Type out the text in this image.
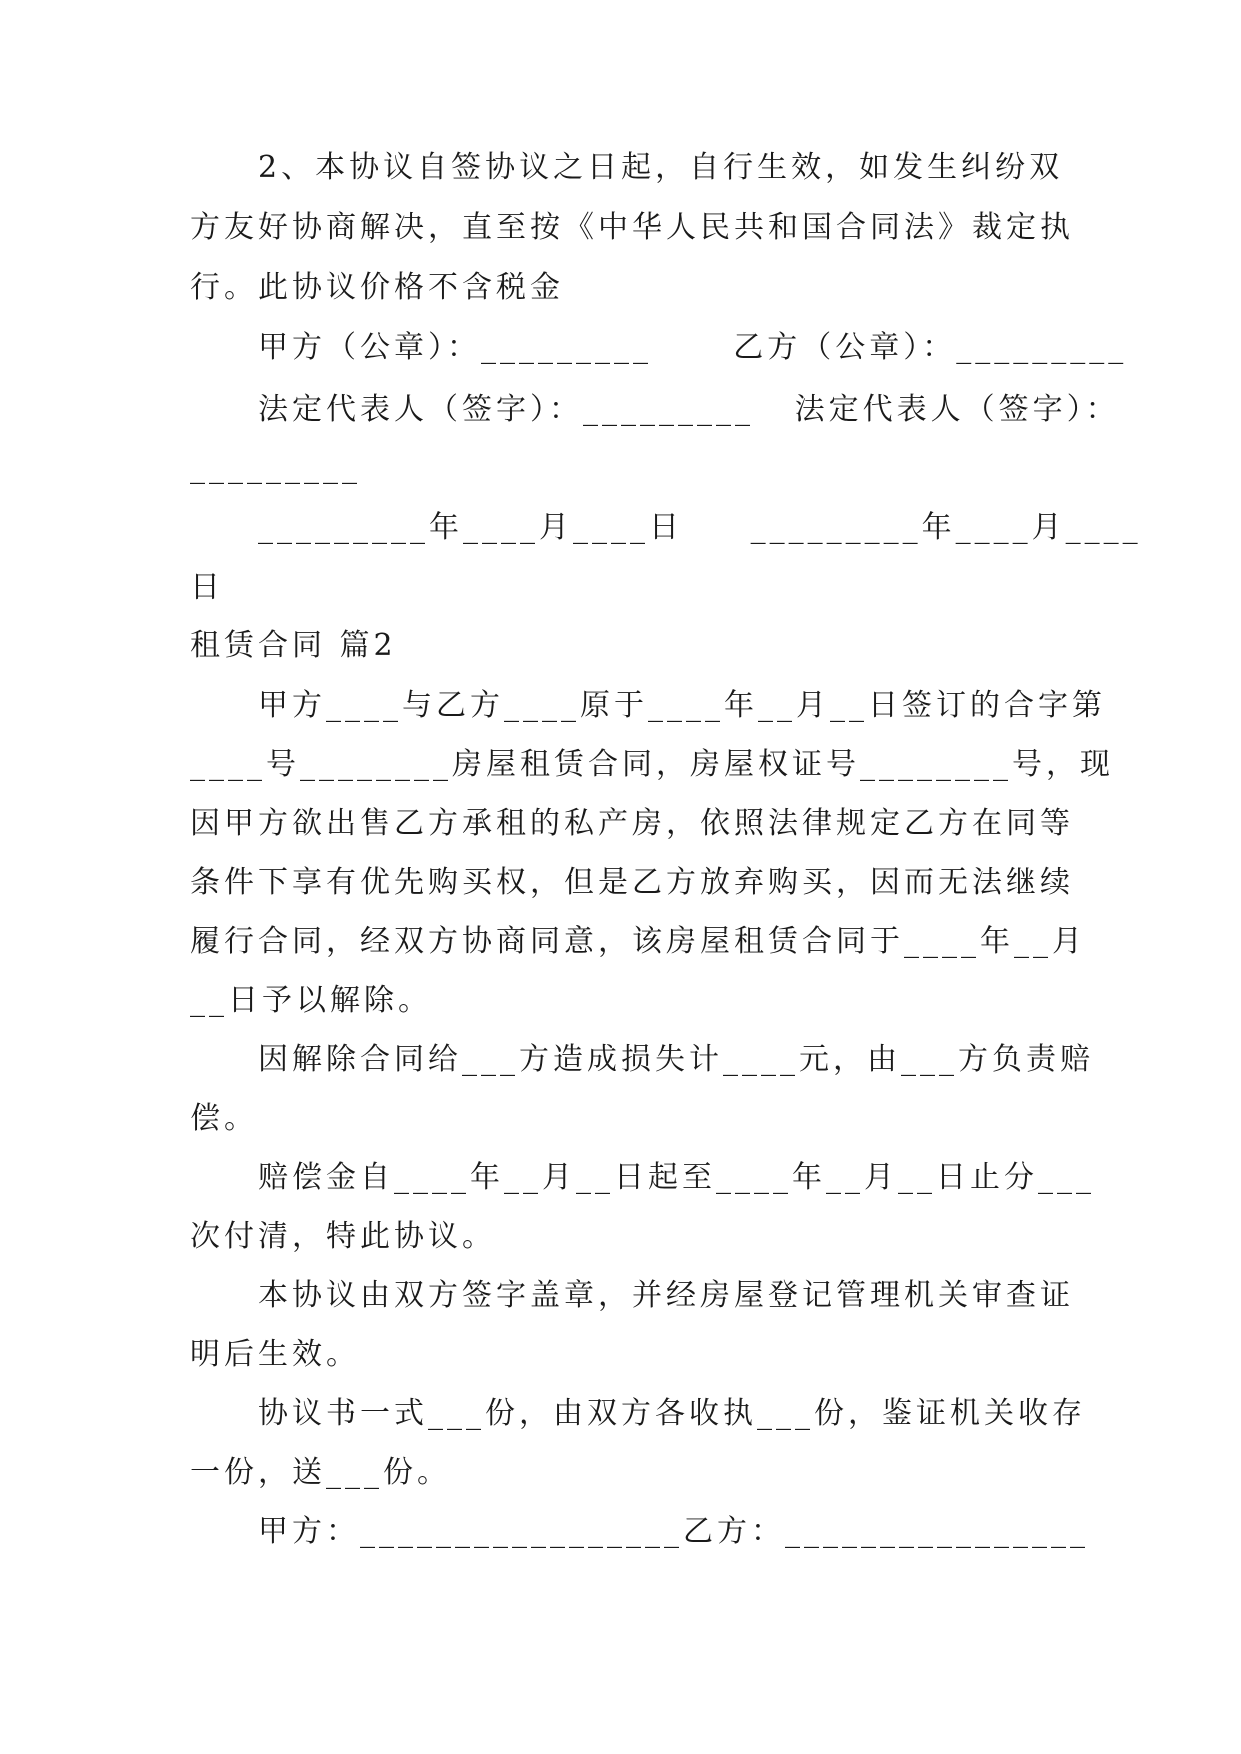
2、本协议自签协议之日起，自行生效，如发生纠纷双
方友好协商解决，直至按《中华人民共和国合同法》裁定执
行。此协议价格不含税金
甲方（公章）：_________      乙方（公章）：_________
法定代表人（签字）：_________   法定代表人（签字）：
_________
_________年____月____日     _________年____月____
日
租赁合同 篇2
甲方____与乙方____原于____年__月__日签订的合字第
____号________房屋租赁合同，房屋权证号________号，现
因甲方欲出售乙方承租的私产房，依照法律规定乙方在同等
条件下享有优先购买权，但是乙方放弃购买，因而无法继续
履行合同，经双方协商同意，该房屋租赁合同于____年__月
__日予以解除。
因解除合同给___方造成损失计____元，由___方负责赔
偿。
赔偿金自____年__月__日起至____年__月__日止分___
次付清，特此协议。
本协议由双方签字盖章，并经房屋登记管理机关审查证
明后生效。
协议书一式___份，由双方各收执___份，鉴证机关收存
一份，送___份。
甲方：_________________乙方：________________
